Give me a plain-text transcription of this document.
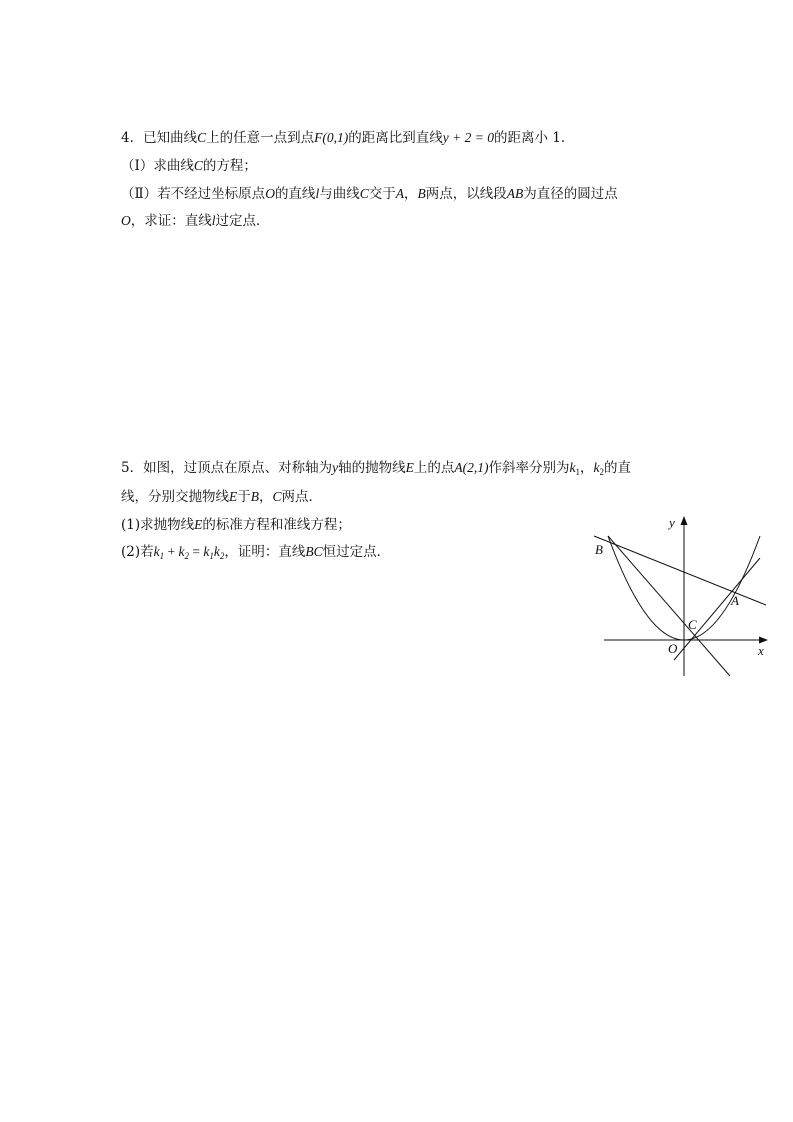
4．已知曲线C上的任意一点到点F(0,1)的距离比到直线y + 2 = 0的距离小 1．
（Ⅰ）求曲线C的方程；
（Ⅱ）若不经过坐标原点O的直线l与曲线C交于A，B两点，以线段AB为直径的圆过点
O，求证：直线l过定点．
5．如图，过顶点在原点、对称轴为y轴的抛物线E上的点A(2,1)作斜率分别为$k_1$，$k_2$的直
线，分别交抛物线E于B，C两点．
(1)求抛物线E的标准方程和准线方程；
(2)若$k_1 + k_2 = k_1k_2$，证明：直线BC恒过定点．
y
x
B
A
C
O
